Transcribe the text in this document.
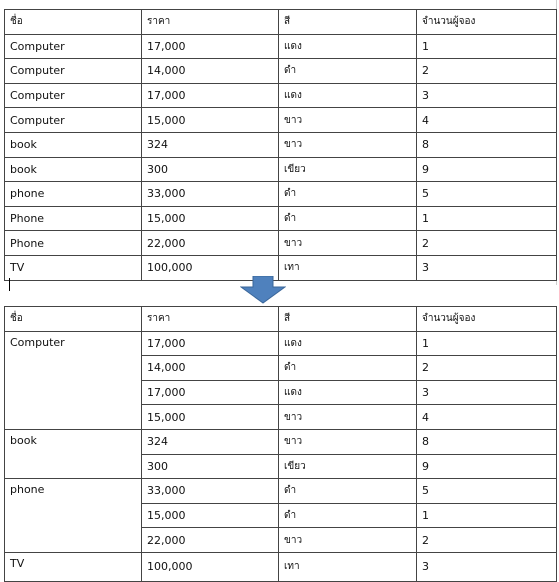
ชื่อ	ราคา	สี	จำนวนผู้จอง
Computer	17,000	แดง	1
Computer	14,000	ดำ	2
Computer	17,000	แดง	3
Computer	15,000	ขาว	4
book	324	ขาว	8
book	300	เขียว	9
phone	33,000	ดำ	5
Phone	15,000	ดำ	1
Phone	22,000	ขาว	2
TV	100,000	เทา	3
ชื่อ	ราคา	สี	จำนวนผู้จอง
Computer	17,000	แดง	1
	14,000	ดำ	2
	17,000	แดง	3
	15,000	ขาว	4
book	324	ขาว	8
	300	เขียว	9
phone	33,000	ดำ	5
	15,000	ดำ	1
	22,000	ขาว	2
TV	100,000	เทา	3
